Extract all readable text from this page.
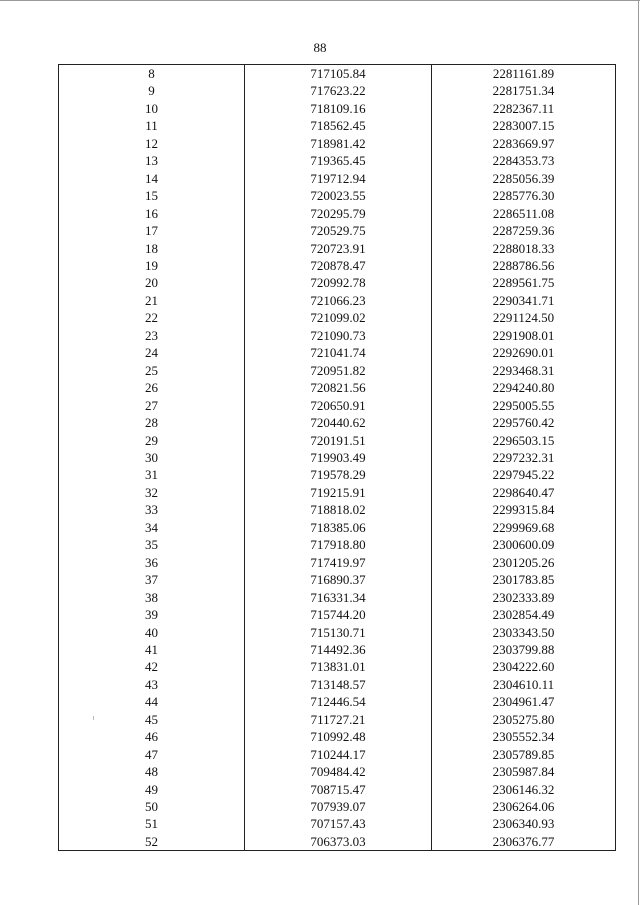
88
8	717105.84	2281161.89
9	717623.22	2281751.34
10	718109.16	2282367.11
11	718562.45	2283007.15
12	718981.42	2283669.97
13	719365.45	2284353.73
14	719712.94	2285056.39
15	720023.55	2285776.30
16	720295.79	2286511.08
17	720529.75	2287259.36
18	720723.91	2288018.33
19	720878.47	2288786.56
20	720992.78	2289561.75
21	721066.23	2290341.71
22	721099.02	2291124.50
23	721090.73	2291908.01
24	721041.74	2292690.01
25	720951.82	2293468.31
26	720821.56	2294240.80
27	720650.91	2295005.55
28	720440.62	2295760.42
29	720191.51	2296503.15
30	719903.49	2297232.31
31	719578.29	2297945.22
32	719215.91	2298640.47
33	718818.02	2299315.84
34	718385.06	2299969.68
35	717918.80	2300600.09
36	717419.97	2301205.26
37	716890.37	2301783.85
38	716331.34	2302333.89
39	715744.20	2302854.49
40	715130.71	2303343.50
41	714492.36	2303799.88
42	713831.01	2304222.60
43	713148.57	2304610.11
44	712446.54	2304961.47
45	711727.21	2305275.80
46	710992.48	2305552.34
47	710244.17	2305789.85
48	709484.42	2305987.84
49	708715.47	2306146.32
50	707939.07	2306264.06
51	707157.43	2306340.93
52	706373.03	2306376.77
